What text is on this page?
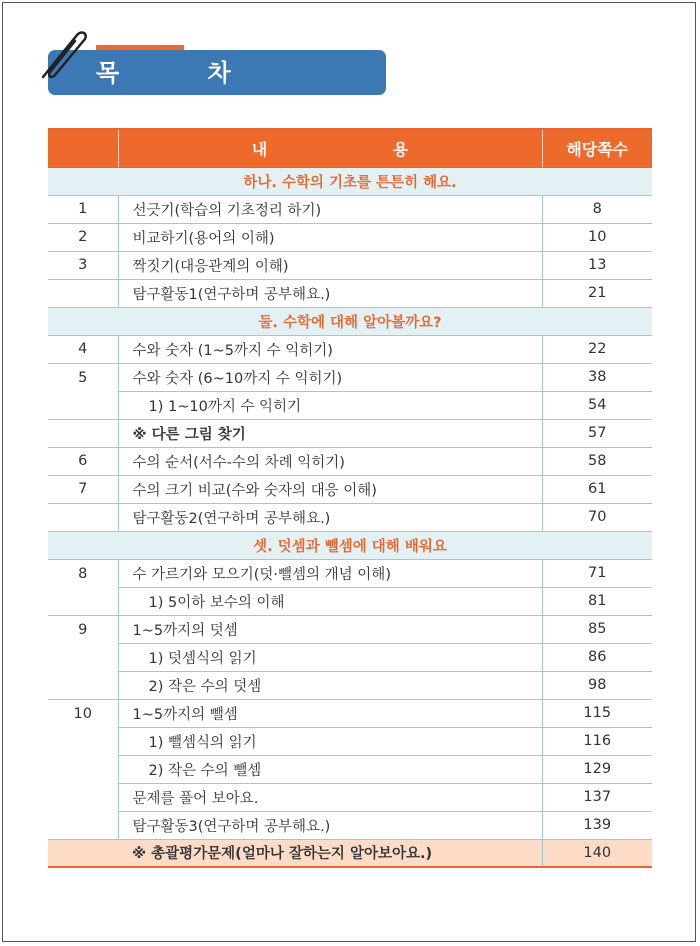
목 차
	내 용	해당쪽수
하나. 수학의 기초를 튼튼히 해요.		
1	선긋기(학습의 기초정리 하기)	8
2	비교하기(용어의 이해)	10
3	짝짓기(대응관계의 이해)	13
	탐구활동1(연구하며 공부해요.)	21
둘. 수학에 대해 알아볼까요?		
4	수와 숫자 (1~5까지 수 익히기)	22
5	수와 숫자 (6~10까지 수 익히기)	38
	1) 1~10까지 수 익히기	54
	※ 다른 그림 찾기	57
6	수의 순서(서수-수의 차례 익히기)	58
7	수의 크기 비교(수와 숫자의 대응 이해)	61
	탐구활동2(연구하며 공부해요.)	70
셋. 덧셈과 뺄셈에 대해 배워요		
8	수 가르기와 모으기(덧·뺄셈의 개념 이해)	71
	1) 5이하 보수의 이해	81
9	1~5까지의 덧셈	85
	1) 덧셈식의 읽기	86
	2) 작은 수의 덧셈	98
10	1~5까지의 뺄셈	115
	1) 뺄셈식의 읽기	116
	2) 작은 수의 뺄셈	129
	문제를 풀어 보아요.	137
	탐구활동3(연구하며 공부해요.)	139
	※ 총괄평가문제(얼마나 잘하는지 알아보아요.)	140
